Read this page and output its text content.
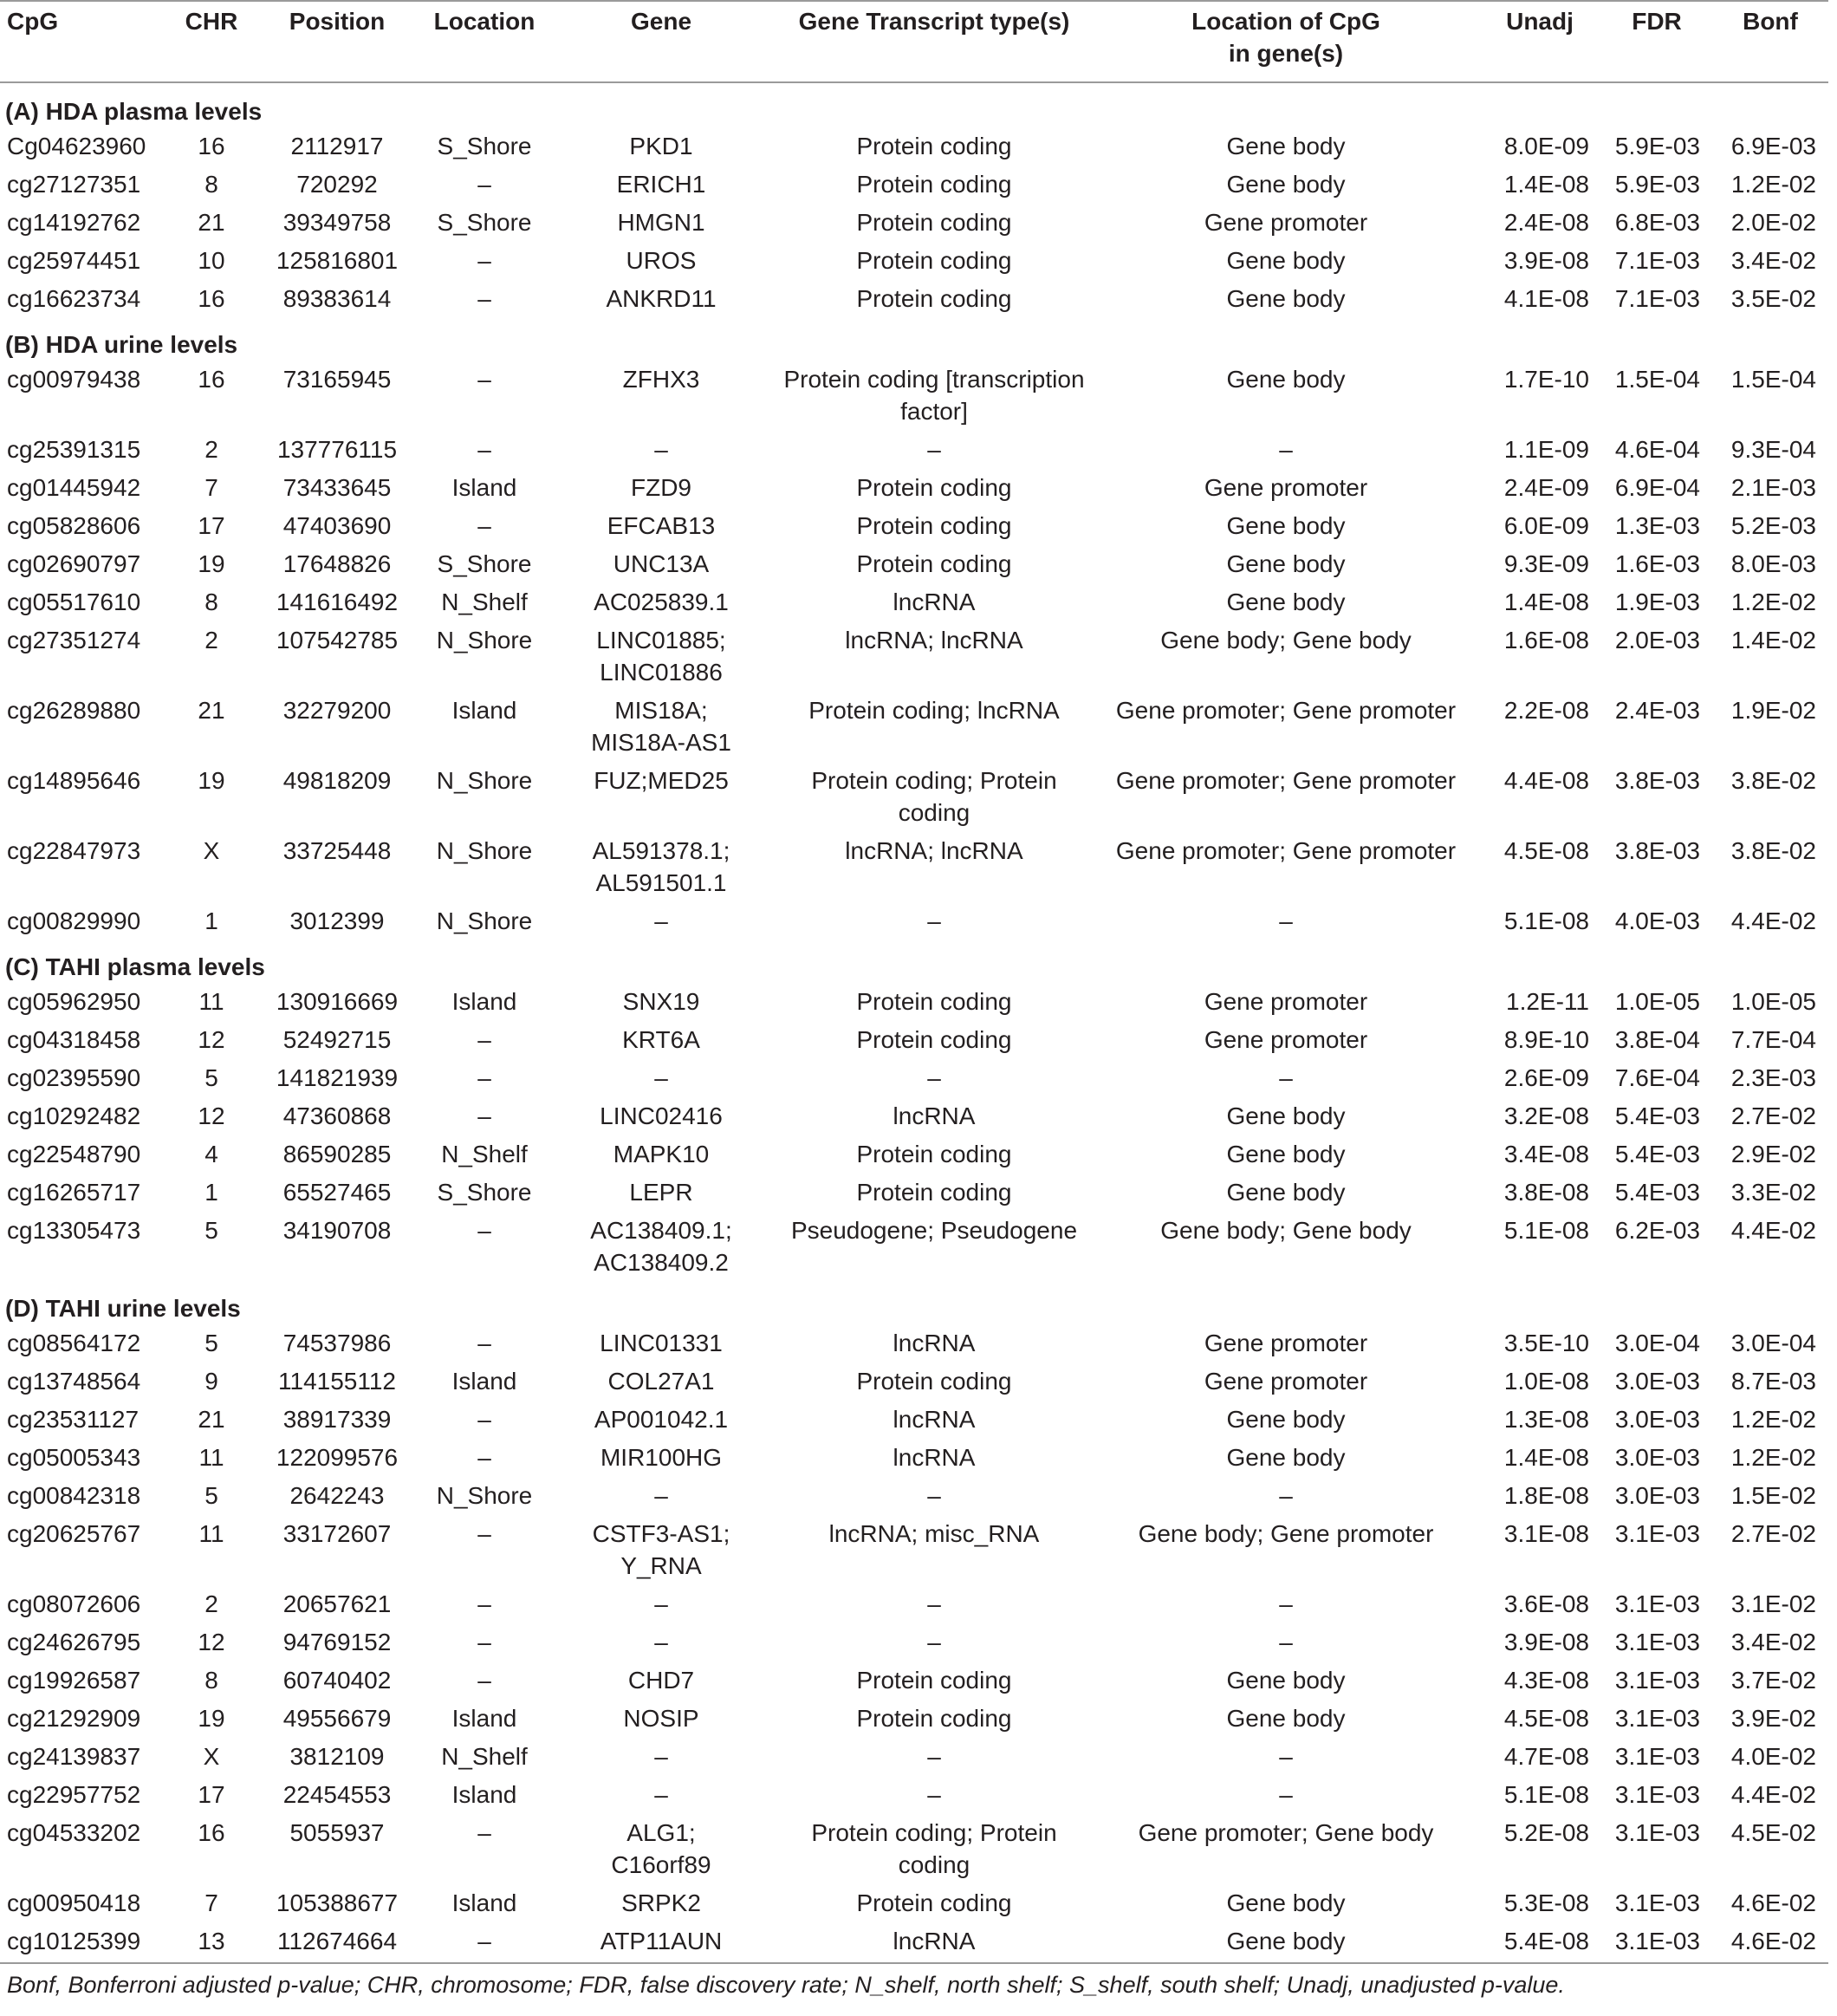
CpG	CHR	Position	Location	Gene	Gene Transcript type(s)	Location of CpG
in gene(s)	Unadj	FDR	Bonf
(A) HDA plasma levels									
Cg04623960	16	2112917	S_Shore	PKD1	Protein coding	Gene body	8.0E-09	5.9E-03	6.9E-03
cg27127351	8	720292	–	ERICH1	Protein coding	Gene body	1.4E-08	5.9E-03	1.2E-02
cg14192762	21	39349758	S_Shore	HMGN1	Protein coding	Gene promoter	2.4E-08	6.8E-03	2.0E-02
cg25974451	10	125816801	–	UROS	Protein coding	Gene body	3.9E-08	7.1E-03	3.4E-02
cg16623734	16	89383614	–	ANKRD11	Protein coding	Gene body	4.1E-08	7.1E-03	3.5E-02
(B) HDA urine levels									
cg00979438	16	73165945	–	ZFHX3	Protein coding [transcription
factor]	Gene body	1.7E-10	1.5E-04	1.5E-04
cg25391315	2	137776115	–	–	–	–	1.1E-09	4.6E-04	9.3E-04
cg01445942	7	73433645	Island	FZD9	Protein coding	Gene promoter	2.4E-09	6.9E-04	2.1E-03
cg05828606	17	47403690	–	EFCAB13	Protein coding	Gene body	6.0E-09	1.3E-03	5.2E-03
cg02690797	19	17648826	S_Shore	UNC13A	Protein coding	Gene body	9.3E-09	1.6E-03	8.0E-03
cg05517610	8	141616492	N_Shelf	AC025839.1	lncRNA	Gene body	1.4E-08	1.9E-03	1.2E-02
cg27351274	2	107542785	N_Shore	LINC01885;
LINC01886	lncRNA; lncRNA	Gene body; Gene body	1.6E-08	2.0E-03	1.4E-02
cg26289880	21	32279200	Island	MIS18A;
MIS18A-AS1	Protein coding; lncRNA	Gene promoter; Gene promoter	2.2E-08	2.4E-03	1.9E-02
cg14895646	19	49818209	N_Shore	FUZ;MED25	Protein coding; Protein
coding	Gene promoter; Gene promoter	4.4E-08	3.8E-03	3.8E-02
cg22847973	X	33725448	N_Shore	AL591378.1;
AL591501.1	lncRNA; lncRNA	Gene promoter; Gene promoter	4.5E-08	3.8E-03	3.8E-02
cg00829990	1	3012399	N_Shore	–	–	–	5.1E-08	4.0E-03	4.4E-02
(C) TAHI plasma levels									
cg05962950	11	130916669	Island	SNX19	Protein coding	Gene promoter	1.2E-11	1.0E-05	1.0E-05
cg04318458	12	52492715	–	KRT6A	Protein coding	Gene promoter	8.9E-10	3.8E-04	7.7E-04
cg02395590	5	141821939	–	–	–	–	2.6E-09	7.6E-04	2.3E-03
cg10292482	12	47360868	–	LINC02416	lncRNA	Gene body	3.2E-08	5.4E-03	2.7E-02
cg22548790	4	86590285	N_Shelf	MAPK10	Protein coding	Gene body	3.4E-08	5.4E-03	2.9E-02
cg16265717	1	65527465	S_Shore	LEPR	Protein coding	Gene body	3.8E-08	5.4E-03	3.3E-02
cg13305473	5	34190708	–	AC138409.1;
AC138409.2	Pseudogene; Pseudogene	Gene body; Gene body	5.1E-08	6.2E-03	4.4E-02
(D) TAHI urine levels									
cg08564172	5	74537986	–	LINC01331	lncRNA	Gene promoter	3.5E-10	3.0E-04	3.0E-04
cg13748564	9	114155112	Island	COL27A1	Protein coding	Gene promoter	1.0E-08	3.0E-03	8.7E-03
cg23531127	21	38917339	–	AP001042.1	lncRNA	Gene body	1.3E-08	3.0E-03	1.2E-02
cg05005343	11	122099576	–	MIR100HG	lncRNA	Gene body	1.4E-08	3.0E-03	1.2E-02
cg00842318	5	2642243	N_Shore	–	–	–	1.8E-08	3.0E-03	1.5E-02
cg20625767	11	33172607	–	CSTF3-AS1;
Y_RNA	lncRNA; misc_RNA	Gene body; Gene promoter	3.1E-08	3.1E-03	2.7E-02
cg08072606	2	20657621	–	–	–	–	3.6E-08	3.1E-03	3.1E-02
cg24626795	12	94769152	–	–	–	–	3.9E-08	3.1E-03	3.4E-02
cg19926587	8	60740402	–	CHD7	Protein coding	Gene body	4.3E-08	3.1E-03	3.7E-02
cg21292909	19	49556679	Island	NOSIP	Protein coding	Gene body	4.5E-08	3.1E-03	3.9E-02
cg24139837	X	3812109	N_Shelf	–	–	–	4.7E-08	3.1E-03	4.0E-02
cg22957752	17	22454553	Island	–	–	–	5.1E-08	3.1E-03	4.4E-02
cg04533202	16	5055937	–	ALG1;
C16orf89	Protein coding; Protein
coding	Gene promoter; Gene body	5.2E-08	3.1E-03	4.5E-02
cg00950418	7	105388677	Island	SRPK2	Protein coding	Gene body	5.3E-08	3.1E-03	4.6E-02
cg10125399	13	112674664	–	ATP11AUN	lncRNA	Gene body	5.4E-08	3.1E-03	4.6E-02
Bonf, Bonferroni adjusted p-value; CHR, chromosome; FDR, false discovery rate; N_shelf, north shelf; S_shelf, south shelf; Unadj, unadjusted p-value.									
